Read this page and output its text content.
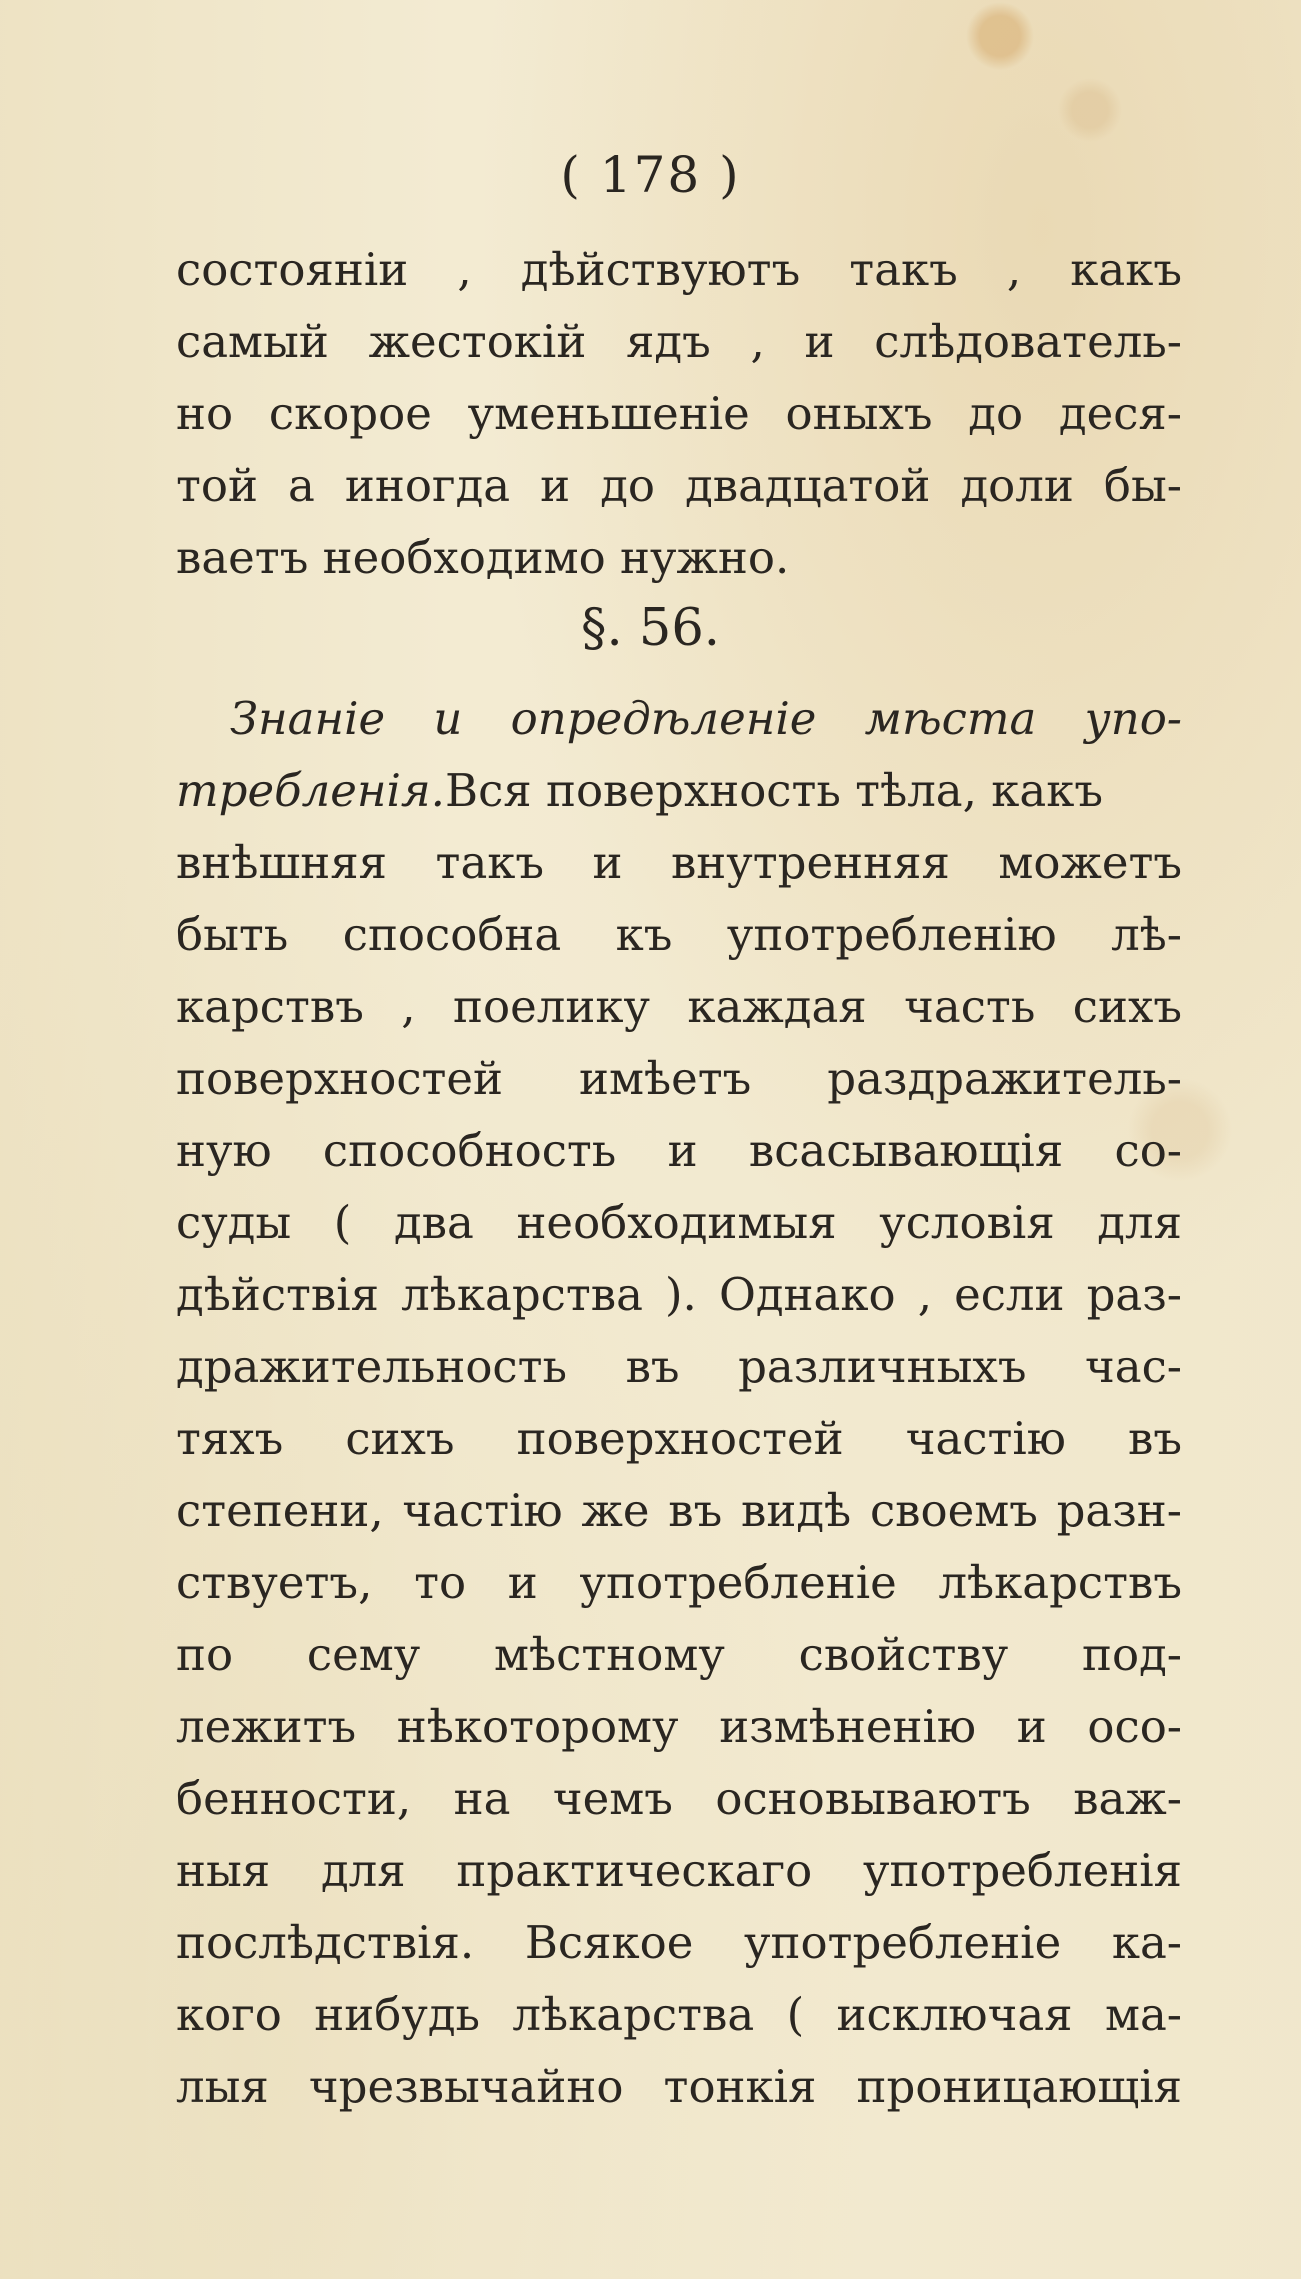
( 178 )
состоянiи , дѣйствуютъ такъ , какъ
самый жестокiй ядъ , и слѣдователь-
но скорое уменьшенiе оныхъ до деся-
той а иногда и до двадцатой доли бы-
ваетъ необходимо нужно.
§. 56.
Знанiе и опредѣленiе мѣста упо-
требленiя.Вся поверхность тѣла, какъ
внѣшняя такъ и внутренняя можетъ
быть способна къ употребленiю лѣ-
карствъ , поелику каждая часть сихъ
поверхностей имѣетъ раздражитель-
ную способность и всасывающiя со-
суды ( два необходимыя условiя для
дѣйствiя лѣкарства ). Однако , если раз-
дражительность въ различныхъ час-
тяхъ сихъ поверхностей частiю въ
степени, частiю же въ видѣ своемъ разн-
ствуетъ, то и употребленiе лѣкарствъ
по сему мѣстному свойству под-
лежитъ нѣкоторому измѣненiю и осо-
бенности, на чемъ основываютъ важ-
ныя для практическаго употребленiя
послѣдствiя. Всякое употребленiе ка-
кого нибудь лѣкарства ( исключая ма-
лыя чрезвычайно тонкiя проницающiя
